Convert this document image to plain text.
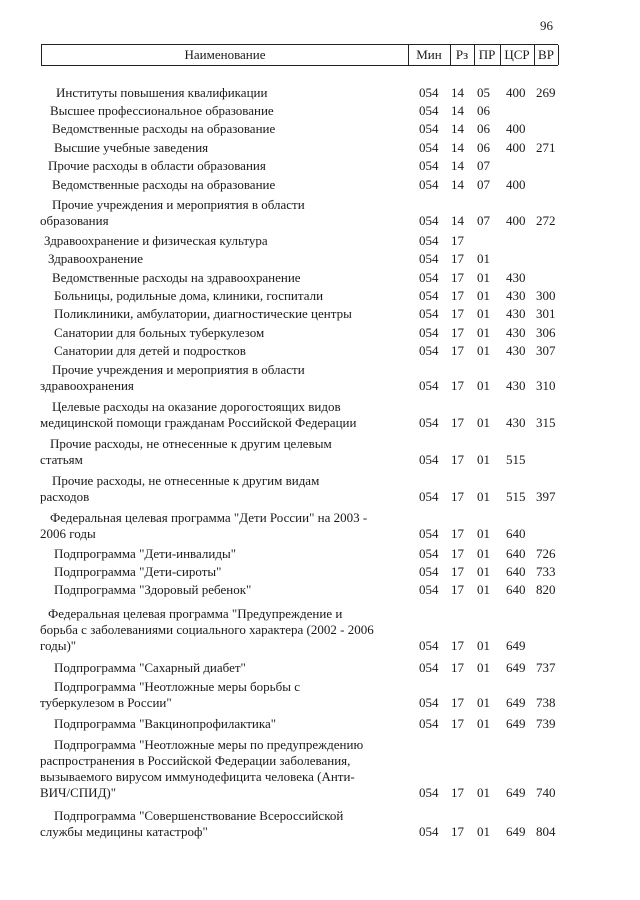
96
Наименование	Мин	Рз ПР ЦСР ВР
Институты повышения квалификации	054 14 05 400 269
Высшее профессиональное образование	054 14 06
Ведомственные расходы на образование	054 14 06 400
Высшие учебные заведения	054 14 06 400 271
Прочие расходы в области образования	054 14 07
Ведомственные расходы на образование	054 14 07 400
Прочие учреждения и мероприятия в области
образования	054 14 07 400 272
Здравоохранение и физическая культура	054 17
Здравоохранение	054 17 01
Ведомственные расходы на здравоохранение	054 17 01 430
Больницы, родильные дома, клиники, госпитали	054 17 01 430 300
Поликлиники, амбулатории, диагностические центры	054 17 01 430 301
Санатории для больных туберкулезом	054 17 01 430 306
Санатории для детей и подростков	054 17 01 430 307
Прочие учреждения и мероприятия в области
здравоохранения	054 17 01 430 310
Целевые расходы на оказание дорогостоящих видов
медицинской помощи гражданам Российской Федерации	054 17 01 430 315
Прочие расходы, не отнесенные к другим целевым
статьям	054 17 01 515
Прочие расходы, не отнесенные к другим видам
расходов	054 17 01 515 397
Федеральная целевая программа "Дети России" на 2003 -
2006 годы	054 17 01 640
Подпрограмма "Дети-инвалиды"	054 17 01 640 726
Подпрограмма "Дети-сироты"	054 17 01 640 733
Подпрограмма "Здоровый ребенок"	054 17 01 640 820
Федеральная целевая программа "Предупреждение и
борьба с заболеваниями социального характера (2002 - 2006
годы)"	054 17 01 649
Подпрограмма "Сахарный диабет"	054 17 01 649 737
Подпрограмма "Неотложные меры борьбы с
туберкулезом в России"	054 17 01 649 738
Подпрограмма "Вакцинопрофилактика"	054 17 01 649 739
Подпрограмма "Неотложные меры по предупреждению
распространения в Российской Федерации заболевания,
вызываемого вирусом иммунодефицита человека (Анти-
ВИЧ/СПИД)"	054 17 01 649 740
Подпрограмма "Совершенствование Всероссийской
службы медицины катастроф"	054 17 01 649 804
